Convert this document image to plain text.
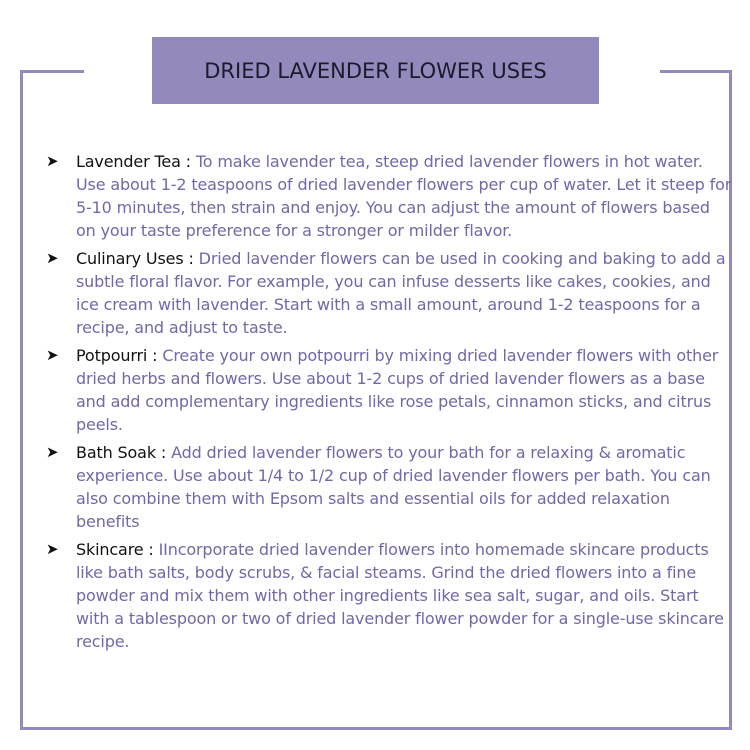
DRIED LAVENDER FLOWER USES
➤ Lavender Tea : To make lavender tea, steep dried lavender flowers in hot water. Use about 1-2 teaspoons of dried lavender flowers per cup of water. Let it steep for 5-10 minutes, then strain and enjoy. You can adjust the amount of flowers based on your taste preference for a stronger or milder flavor.
➤ Culinary Uses : Dried lavender flowers can be used in cooking and baking to add a subtle floral flavor. For example, you can infuse desserts like cakes, cookies, and ice cream with lavender. Start with a small amount, around 1-2 teaspoons for a recipe, and adjust to taste.
➤ Potpourri : Create your own potpourri by mixing dried lavender flowers with other dried herbs and flowers. Use about 1-2 cups of dried lavender flowers as a base and add complementary ingredients like rose petals, cinnamon sticks, and citrus peels.
➤ Bath Soak : Add dried lavender flowers to your bath for a relaxing & aromatic experience. Use about 1/4 to 1/2 cup of dried lavender flowers per bath. You can also combine them with Epsom salts and essential oils for added relaxation benefits
➤ Skincare : IIncorporate dried lavender flowers into homemade skincare products like bath salts, body scrubs, & facial steams. Grind the dried flowers into a fine powder and mix them with other ingredients like sea salt, sugar, and oils. Start with a tablespoon or two of dried lavender flower powder for a single-use skincare recipe.
